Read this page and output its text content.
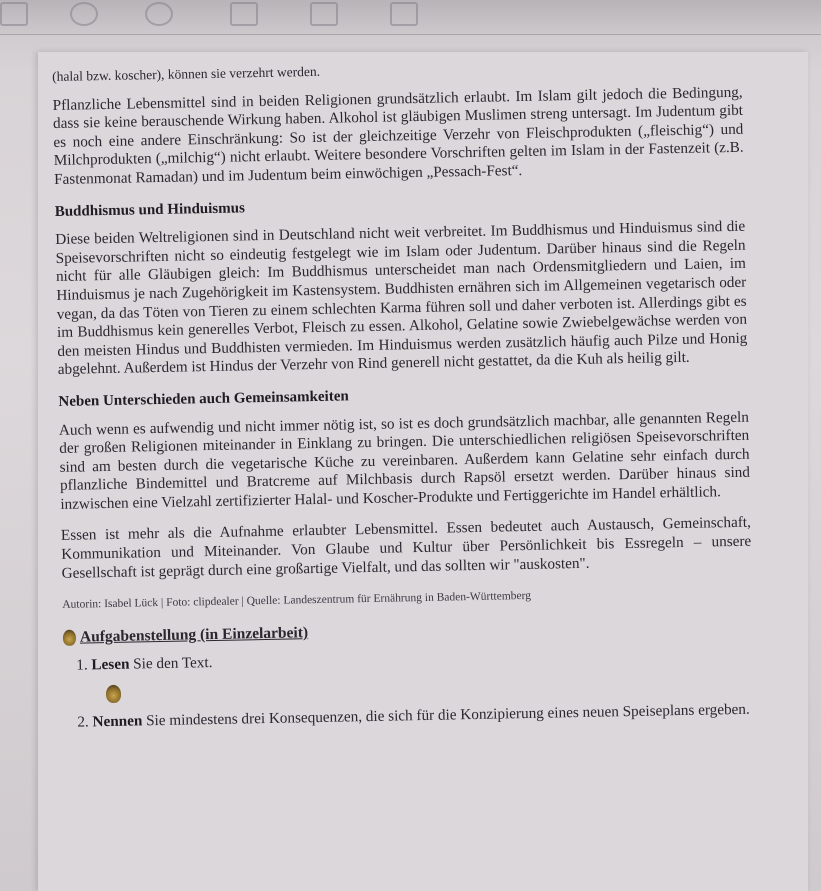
(halal bzw. koscher), können sie verzehrt werden.

Pflanzliche Lebensmittel sind in beiden Religionen grundsätzlich erlaubt. Im Islam gilt jedoch die Bedingung, dass sie keine berauschende Wirkung haben. Alkohol ist gläubigen Muslimen streng untersagt. Im Judentum gibt es noch eine andere Einschränkung: So ist der gleichzeitige Verzehr von Fleischprodukten („fleischig“) und Milchprodukten („milchig“) nicht erlaubt. Weitere besondere Vorschriften gelten im Islam in der Fastenzeit (z.B. Fastenmonat Ramadan) und im Judentum beim einwöchigen „Pessach-Fest“.

Buddhismus und Hinduismus

Diese beiden Weltreligionen sind in Deutschland nicht weit verbreitet. Im Buddhismus und Hinduismus sind die Speisevorschriften nicht so eindeutig festgelegt wie im Islam oder Judentum. Darüber hinaus sind die Regeln nicht für alle Gläubigen gleich: Im Buddhismus unterscheidet man nach Ordensmitgliedern und Laien, im Hinduismus je nach Zugehörigkeit im Kastensystem. Buddhisten ernähren sich im Allgemeinen vegetarisch oder vegan, da das Töten von Tieren zu einem schlechten Karma führen soll und daher verboten ist. Allerdings gibt es im Buddhismus kein generelles Verbot, Fleisch zu essen. Alkohol, Gelatine sowie Zwiebelgewächse werden von den meisten Hindus und Buddhisten vermieden. Im Hinduismus werden zusätzlich häufig auch Pilze und Honig abgelehnt. Außerdem ist Hindus der Verzehr von Rind generell nicht gestattet, da die Kuh als heilig gilt.

Neben Unterschieden auch Gemeinsamkeiten

Auch wenn es aufwendig und nicht immer nötig ist, so ist es doch grundsätzlich machbar, alle genannten Regeln der großen Religionen miteinander in Einklang zu bringen. Die unterschiedlichen religiösen Speisevorschriften sind am besten durch die vegetarische Küche zu vereinbaren. Außerdem kann Gelatine sehr einfach durch pflanzliche Bindemittel und Bratcreme auf Milchbasis durch Rapsöl ersetzt werden. Darüber hinaus sind inzwischen eine Vielzahl zertifizierter Halal- und Koscher-Produkte und Fertiggerichte im Handel erhältlich.

Essen ist mehr als die Aufnahme erlaubter Lebensmittel. Essen bedeutet auch Austausch, Gemeinschaft, Kommunikation und Miteinander. Von Glaube und Kultur über Persönlichkeit bis Essregeln – unsere Gesellschaft ist geprägt durch eine großartige Vielfalt, und das sollten wir "auskosten".

Autorin: Isabel Lück | Foto: clipdealer | Quelle: Landeszentrum für Ernährung in Baden-Württemberg
Aufgabenstellung (in Einzelarbeit)
1. Lesen Sie den Text.
2. Nennen Sie mindestens drei Konsequenzen, die sich für die Konzipierung eines neuen Speiseplans ergeben.
